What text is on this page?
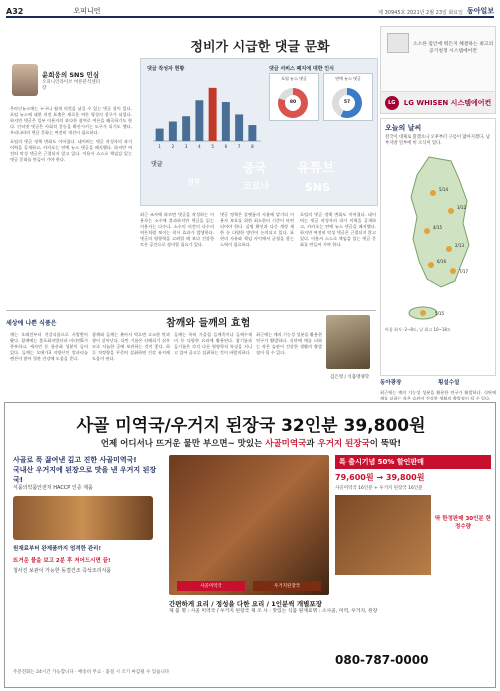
A32	오피니언	제 30945호 2021년 2월 23일 화요일 동아일보
정비가 시급한 댓글 문화
윤희웅의 SNS 민심
오피니언라이브 여론분석센터장

온라인뉴스에는 누구나 쉽게 의견을 남길 수 있는 댓글 창이 있다. 포털 뉴스에 대한 의견 표출은 새로운 여론 형성의 창구가 되었다. 하지만 댓글은 일부 이용자의 과다한 참여로 여론을 왜곡하기도 한다. 인터넷 댓글은 사회적 갈등을 확산시키는 도구가 되기도 했다. 우리나라의 댓글 문화는 여전히 개선이 필요하다.

포털의 댓글 정책 변화도 이어졌다. 네이버는 댓글 작성자의 과거 이력을 공개하고, 카카오는 연예 뉴스 댓글을 폐지했다. 하지만 여전히 악성 댓글은 근절되지 않고 있다. 이용자 스스로 책임감 있는 댓글 문화를 만들어 가야 한다.

최근 조사에 따르면 댓글을 작성하는 이용자는 소수에 불과하지만 댓글을 읽는 이용자는 다수다. 소수의 의견이 다수의 여론처럼 보이는 착시 효과가 발생한다. 댓글의 영향력을 고려할 때 보다 건강한 토론 공간으로 정비할 필요가 있다.

댓글 정책은 플랫폼의 자율에 맡기되 이용자 보호를 위한 최소한의 기준이 마련되어야 한다. 실명 확인과 다중 계정 제한 등 다양한 방안이 논의되고 있다. 표현의 자유와 책임 사이에서 균형을 찾는 노력이 필요하다.

포털의 댓글 정책 변화도 이어졌다. 네이버는 댓글 작성자의 과거 이력을 공개하고, 카카오는 연예 뉴스 댓글을 폐지했다. 하지만 여전히 악성 댓글은 근절되지 않고 있다. 이용자 스스로 책임감 있는 댓글 문화를 만들어 가야 한다.

댓글 작성자 현황
1	2	3	4	5	6	7	8
댓글 서비스 폐지에 대한 인식
포털 뉴스 댓글
80
연예 뉴스 댓글
57
댓글	중국 유튜브
코로나	SNS
정부
세상에 나쁜 식품은	참깨와 들깨의 효험
김은영 / 식품영양학

깨는 오래전부터 건강식품으로 사랑받아 왔다. 참깨에는 불포화지방산과 비타민E가 풍부하고, 세사민 등 항산화 성분이 들어 있다. 들깨는 오메가3 지방산인 알파리놀렌산이 많아 혈관 건강에 도움을 준다.

참깨와 들깨는 볶아서 먹으면 고소한 맛과 향이 살아난다. 다만 기름은 산패되기 쉬우므로 서늘한 곳에 보관하는 것이 좋다. 하루 적정량을 꾸준히 섭취하면 건강 유지에 도움이 된다.

들깨는 특히 가을철 들깨죽이나 들깨수제비 등 다양한 요리에 활용된다. 참기름과 들기름은 각각 다른 영양학적 특징을 지니고 있어 골고루 섭취하는 것이 바람직하다.

최근에는 깨의 기능성 성분을 활용한 연구가 활발하다. 식단에 깨를 더하는 작은 습관이 건강한 생활의 출발점이 될 수 있다.

소소한 집안에 뭐든지 해결하는 최고의 공기청정 시스템에어컨
LG	LG WHISEN 시스템에어컨
오늘의 날씨
전국이 대체로 맑겠으나 오후부터 구름이 많아지겠다. 남부지방 일부에 비 소식이 있다.
5/14
3/12
4/15
2/13
6/16
7/17
5/15
아침 최저 -2~8도, 낮 최고 10~18도
동아광장	횡설수설

최근에는 깨의 기능성 성분을 활용한 연구가 활발하다. 식단에 깨를 더하는 작은 습관이 건강한 생활의 출발점이 될 수 있다.

사골 미역국/우거지 된장국 32인분 39,800원
언제 어디서나 뜨거운 물만 부으면~ 맛있는 사골미역국과 우거지 된장국이 뚝딱!
사골로 푹 끓여낸 깊고 진한 사골미역국!
국내산 우거지에 된장으로 맛을 낸 우거지 된장국!
식품의약품안전처 HACCP 인증 제품
원재료부터 완제품까지 엄격한 관리!
뜨거운 물을 보고 2분 후 저어드시면 끝!
청사진 보관이 가능한 동결건조 즉석조리식품
사골미역국	우거지된장국
특 출시기념 50% 할인판매
79,600원 → 39,800원
사골미역국 16인분 + 우거지 된장국 16인분
딱 한정판매 30인분 한정수량
간편하게 요리 / 정성을 다한 요리 / 1인분씩 개별포장
제 품 명 : 사골 미역국 / 우거지 된장국 제 조 사 : 맛있는 식품 원재료명 : 소사골, 미역, 우거지, 된장
080-787-0000
주문전화는 24시간 가능합니다 · 배송비 무료 · 품절 시 조기 마감될 수 있습니다
